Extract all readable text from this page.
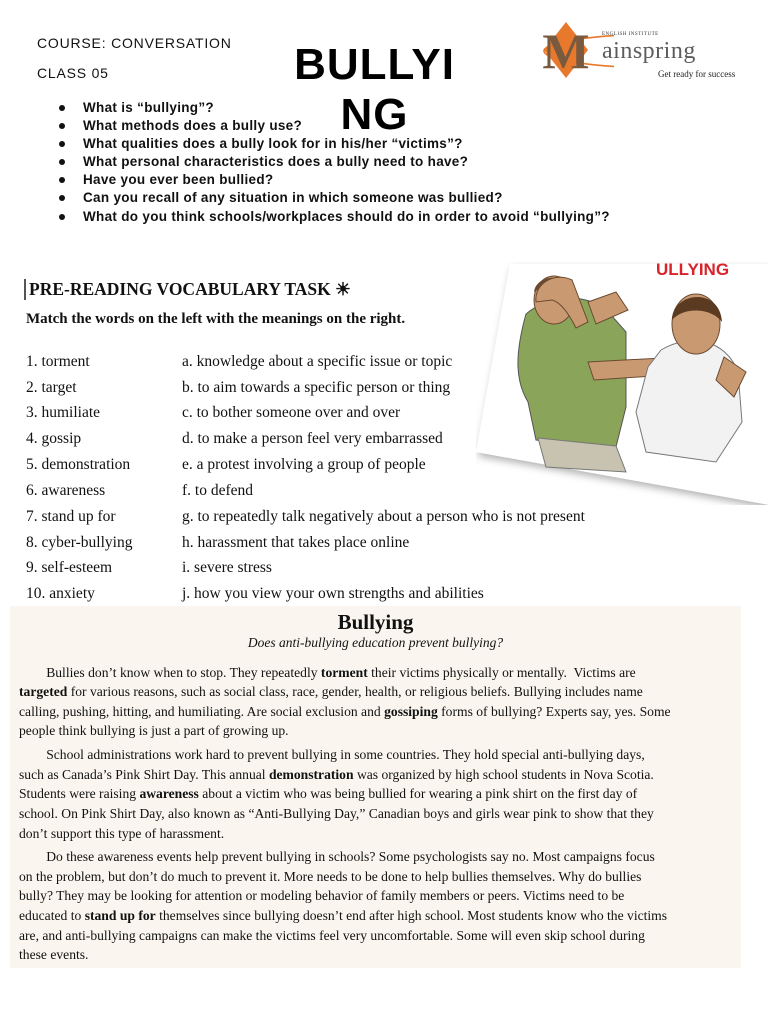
COURSE: CONVERSATION
CLASS 05	BULLYING
M ENGLISH INSTITUTE
ainspring
Get ready for success
What is “bullying”?
What methods does a bully use?
What qualities does a bully look for in his/her “victims”?
What personal characteristics does a bully need to have?
Have you ever been bullied?
Can you recall of any situation in which someone was bullied?
What do you think schools/workplaces should do in order to avoid “bullying”?
PRE-READING VOCABULARY TASK ☀
Match the words on the left with the meanings on the right.
1. torment	a. knowledge about a specific issue or topic
2. target	b. to aim towards a specific person or thing
3. humiliate	c. to bother someone over and over
4. gossip	d. to make a person feel very embarrassed
5. demonstration	e. a protest involving a group of people
6. awareness	f. to defend
7. stand up for	g. to repeatedly talk negatively about a person who is not present
8. cyber-bullying	h. harassment that takes place online
9. self-esteem	i. severe stress
10. anxiety	j. how you view your own strengths and abilities
ULLYING
Bullying
Does anti-bullying education prevent bullying?
Bullies don’t know when to stop. They repeatedly torment their victims physically or mentally.  Victims are
targeted for various reasons, such as social class, race, gender, health, or religious beliefs. Bullying includes name
calling, pushing, hitting, and humiliating. Are social exclusion and gossiping forms of bullying? Experts say, yes. Some
people think bullying is just a part of growing up.
School administrations work hard to prevent bullying in some countries. They hold special anti-bullying days,
such as Canada’s Pink Shirt Day. This annual demonstration was organized by high school students in Nova Scotia.
Students were raising awareness about a victim who was being bullied for wearing a pink shirt on the first day of
school. On Pink Shirt Day, also known as “Anti-Bullying Day,” Canadian boys and girls wear pink to show that they
don’t support this type of harassment.
Do these awareness events help prevent bullying in schools? Some psychologists say no. Most campaigns focus
on the problem, but don’t do much to prevent it. More needs to be done to help bullies themselves. Why do bullies
bully? They may be looking for attention or modeling behavior of family members or peers. Victims need to be
educated to stand up for themselves since bullying doesn’t end after high school. Most students know who the victims
are, and anti-bullying campaigns can make the victims feel very uncomfortable. Some will even skip school during
these events.
